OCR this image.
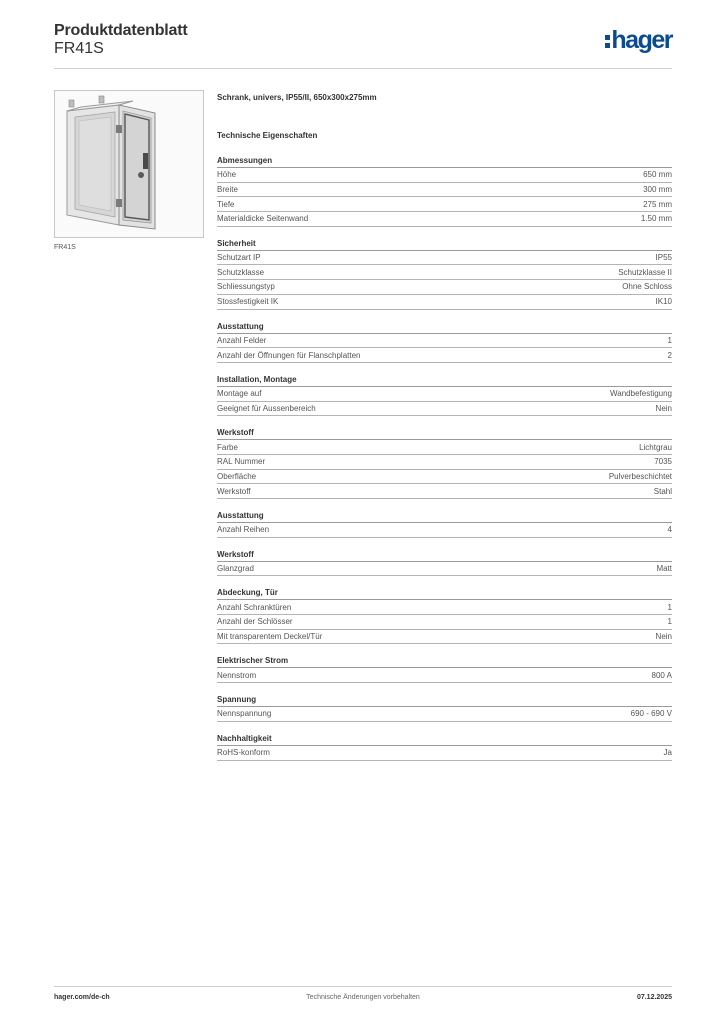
Produktdatenblatt
FR41S	hager
FR41S
Schrank, univers, IP55/II, 650x300x275mm
Technische Eigenschaften
Abmessungen
Höhe	650 mm
Breite	300 mm
Tiefe	275 mm
Materialdicke Seitenwand	1.50 mm
Sicherheit
Schutzart IP	IP55
Schutzklasse	Schutzklasse II
Schliessungstyp	Ohne Schloss
Stossfestigkeit IK	IK10
Ausstattung
Anzahl Felder	1
Anzahl der Öffnungen für Flanschplatten	2
Installation, Montage
Montage auf	Wandbefestigung
Geeignet für Aussenbereich	Nein
Werkstoff
Farbe	Lichtgrau
RAL Nummer	7035
Oberfläche	Pulverbeschichtet
Werkstoff	Stahl
Ausstattung
Anzahl Reihen	4
Werkstoff
Glanzgrad	Matt
Abdeckung, Tür
Anzahl Schranktüren	1
Anzahl der Schlösser	1
Mit transparentem Deckel/Tür	Nein
Elektrischer Strom
Nennstrom	800 A
Spannung
Nennspannung	690 - 690 V
Nachhaltigkeit
RoHS-konform	Ja
hager.com/de-ch	Technische Änderungen vorbehalten	07.12.2025
